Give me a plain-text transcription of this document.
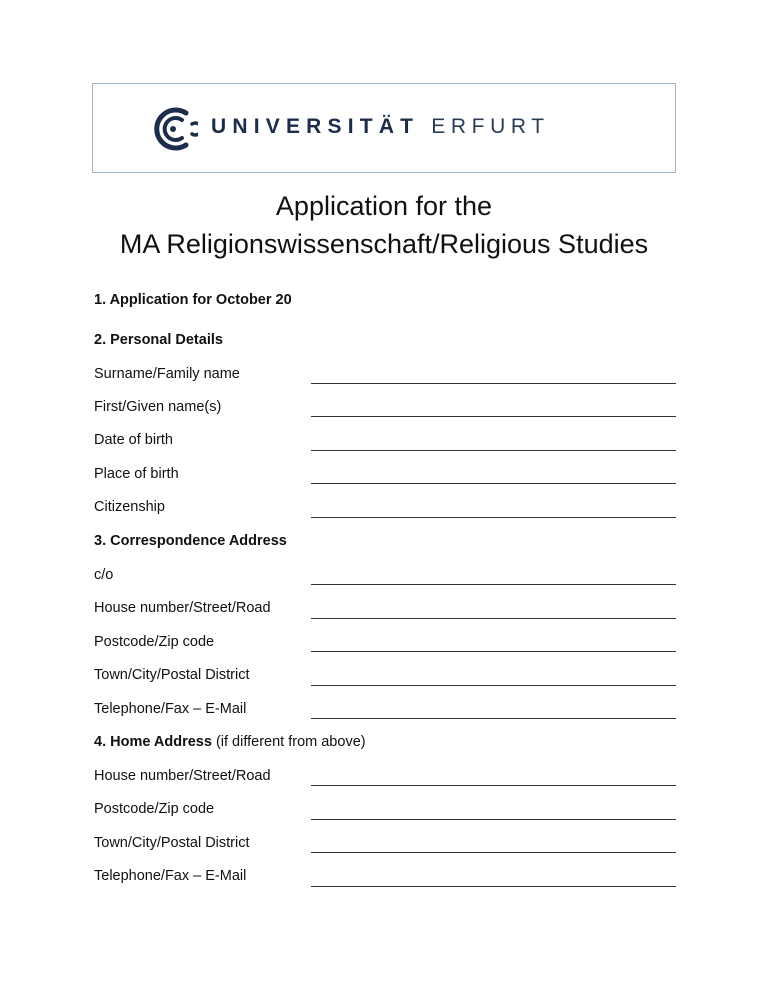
UNIVERSITÄT ERFURT
Application for the
MA Religionswissenschaft/Religious Studies
1. Application for October 20
2. Personal Details
Surname/Family name
First/Given name(s)
Date of birth
Place of birth
Citizenship
3. Correspondence Address
c/o
House number/Street/Road
Postcode/Zip code
Town/City/Postal District
Telephone/Fax – E-Mail
4. Home Address (if different from above)
House number/Street/Road
Postcode/Zip code
Town/City/Postal District
Telephone/Fax – E-Mail
